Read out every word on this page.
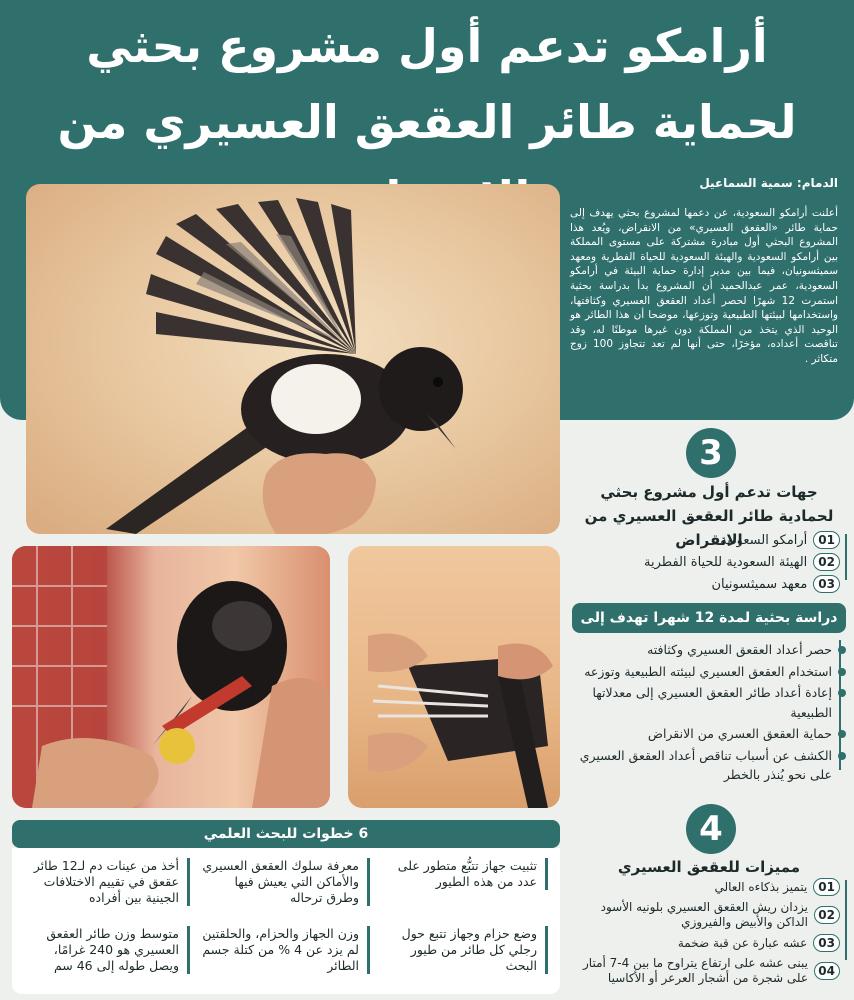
أرامكو تدعم أول مشروع بحثي لحماية طائر العقعق العسيري من
الدمام: سمية السماعيل
أعلنت أرامكو السعودية، عن دعمها لمشروع بحثي يهدف إلى حماية طائر «العقعق العسيري» من الانقراض، ويُعد هذا المشروع البحثي أول مبادرة مشتركة على مستوى المملكة بين أرامكو السعودية والهيئة السعودية للحياة الفطرية ومعهد سميثسونيان، فيما بين مدير إدارة حماية البيئة في أرامكو السعودية، عمر عبدالحميد أن المشروع بدأ بدراسة بحثية استمرت 12 شهرًا لحصر أعداد العقعق العسيري وكثافتها، واستخدامها لبيئتها الطبيعية وتوزعها، موضحا أن هذا الطائر هو الوحيد الذي يتخذ من المملكة دون غيرها موطنًا له، وقد تناقصت أعداده، مؤخرًا، حتى أنها لم تعد تتجاوز 100 زوج متكاثر .
3
جهات تدعم أول مشروع بحثي لحمادية طائر العقعق العسيري من الانقراض	01
أرامكو السعودية
02
الهيئة السعودية للحياة الفطرية
03
معهد سميثسونيان
دراسة بحثية لمدة 12 شهرا تهدف إلى
حصر أعداد العقعق العسيري وكثافته
استخدام العقعق العسيري لبيئته الطبيعية وتوزعه
إعادة أعداد طائر العقعق العسيري إلى معدلاتها الطبيعية
حماية العقعق العسري من الانقراض
الكشف عن أسباب تناقص أعداد العقعق العسيري على نحو يُنذر بالخطر
4
مميزات للعقعق العسيري
01
يتميز بذكاءه العالي
02
يزدان ريش العقعق العسيري بلونيه الأسود الداكن والأبيض والفيروزي
03
عشه عبارة عن قبة ضخمة
04
يبنى عشه على ارتفاع يتراوح ما بين 4-7 أمتار على شجرة من أشجار العرعر أو الأكاسيا
6 خطوات للبحث العلمي
تثبيت جهاز تتبُّع متطور على عدد من هذه الطيور
معرفة سلوك العقعق العسيري والأماكن التي يعيش فيها وطرق ترحاله
أخذ من عينات دم لـ12 طائر عقعق في تقييم الاختلافات الجينية بين أفراده
وضع حزام وجهاز تتبع حول رجلي كل طائر من طيور البحث
وزن الجهاز والحزام، والحلقتين لم يزد عن 4 % من كتلة جسم الطائر
متوسط وزن طائر العقعق العسيري هو 240 غرامًا، ويصل طوله إلى 46 سم
